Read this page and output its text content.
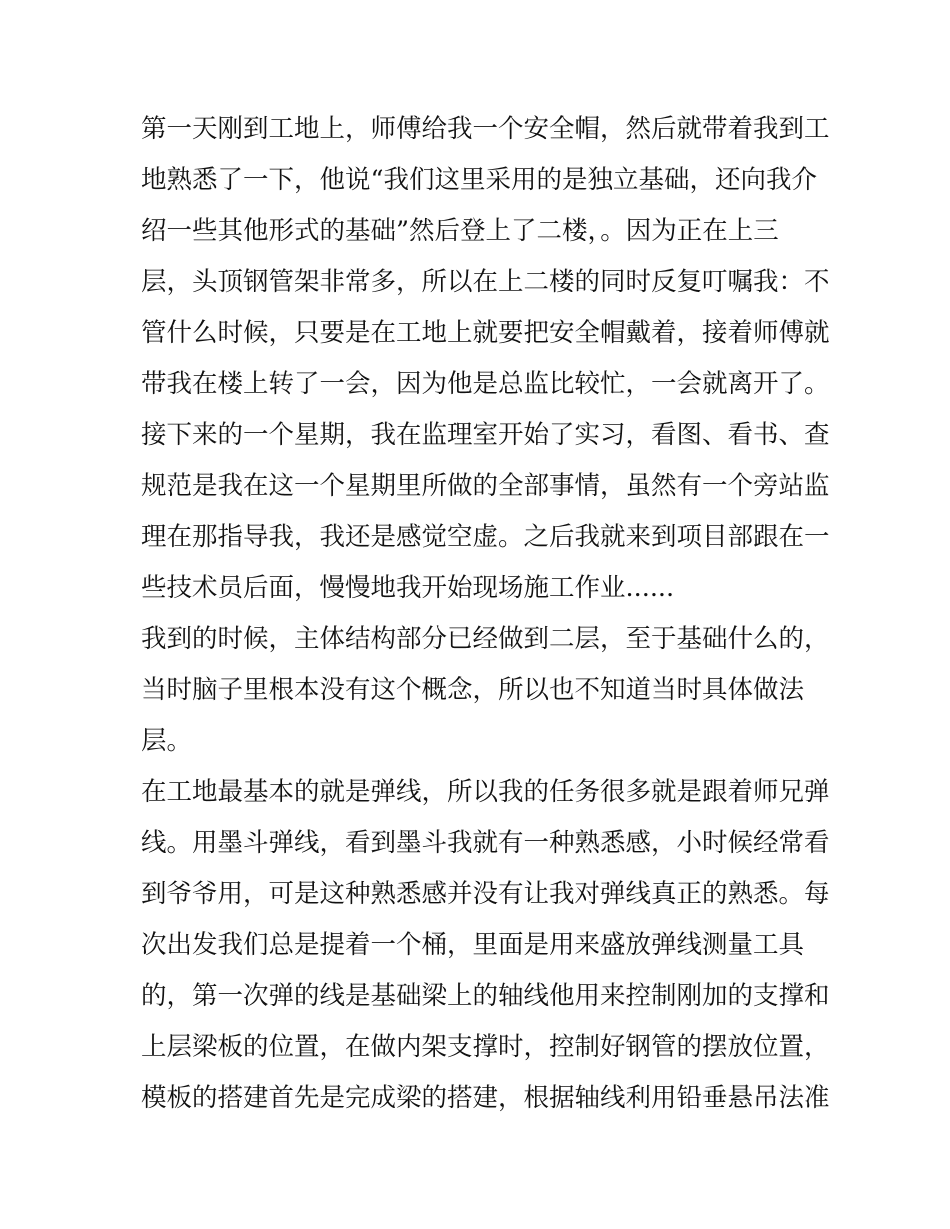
第一天刚到工地上，师傅给我一个安全帽，然后就带着我到工
地熟悉了一下，他说“我们这里采用的是独立基础，还向我介
绍一些其他形式的基础”然后登上了二楼，。因为正在上三
层，头顶钢管架非常多，所以在上二楼的同时反复叮嘱我：不
管什么时候，只要是在工地上就要把安全帽戴着，接着师傅就
带我在楼上转了一会，因为他是总监比较忙，一会就离开了。
接下来的一个星期，我在监理室开始了实习，看图、看书、查
规范是我在这一个星期里所做的全部事情，虽然有一个旁站监
理在那指导我，我还是感觉空虚。之后我就来到项目部跟在一
些技术员后面，慢慢地我开始现场施工作业......
我到的时候，主体结构部分已经做到二层，至于基础什么的，
当时脑子里根本没有这个概念，所以也不知道当时具体做法
层。
在工地最基本的就是弹线，所以我的任务很多就是跟着师兄弹
线。用墨斗弹线，看到墨斗我就有一种熟悉感，小时候经常看
到爷爷用，可是这种熟悉感并没有让我对弹线真正的熟悉。每
次出发我们总是提着一个桶，里面是用来盛放弹线测量工具
的，第一次弹的线是基础梁上的轴线他用来控制刚加的支撑和
上层梁板的位置，在做内架支撑时，控制好钢管的摆放位置，
模板的搭建首先是完成梁的搭建，根据轴线利用铅垂悬吊法准
